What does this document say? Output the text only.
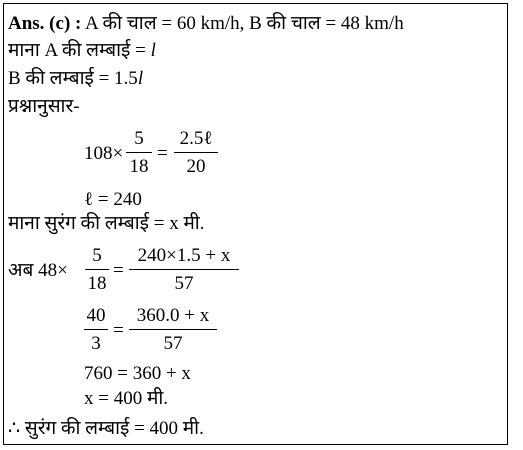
Ans. (c) : A की चाल = 60 km/h, B की चाल = 48 km/h
माना A की लम्बाई = l
B की लम्बाई = 1.5l
प्रश्नानुसार-
108×
5
18
=
2.5ℓ
20
ℓ = 240
माना सुरंग की लम्बाई = x मी.
अब 48×
5
18
=
240×1.5 + x
57
40
3
=
360.0 + x
57
760 = 360 + x
x = 400 मी.
∴ सुरंग की लम्बाई = 400 मी.
